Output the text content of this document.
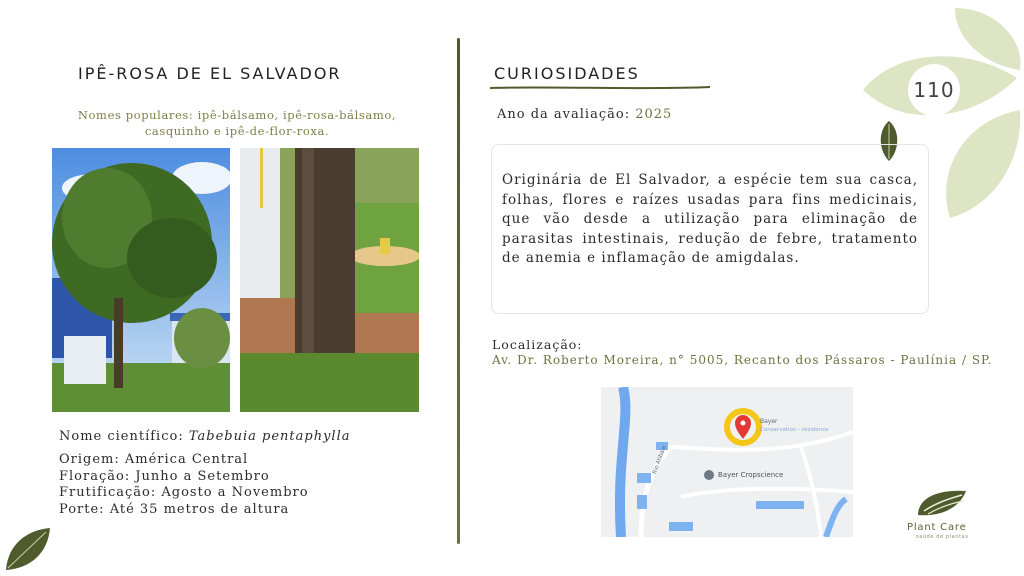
110
IPÊ-ROSA DE EL SALVADOR
Nomes populares: ipê-bálsamo, ipê-rosa-bálsamo,
casquinho e ipê-de-flor-roxa.
Nome científico: Tabebuia pentaphylla
Origem: América Central
Floração: Junho a Setembro
Frutificação: Agosto a Novembro
Porte: Até 35 metros de altura
CURIOSIDADES
Ano da avaliação: 2025
Originária de El Salvador, a espécie tem sua casca, folhas, flores e raízes usadas para fins medicinais, que vão desde a utilização para eliminação de parasitas intestinais, redução de febre, tratamento de anemia e inflamação de amigdalas.
Localização:
Av. Dr. Roberto Moreira, n° 5005, Recanto dos Pássaros - Paulínia / SP.
Bayer
Conservation - residence
Bayer Cropscience
Rio Atibaia
Plant Care
saúde de plantas
